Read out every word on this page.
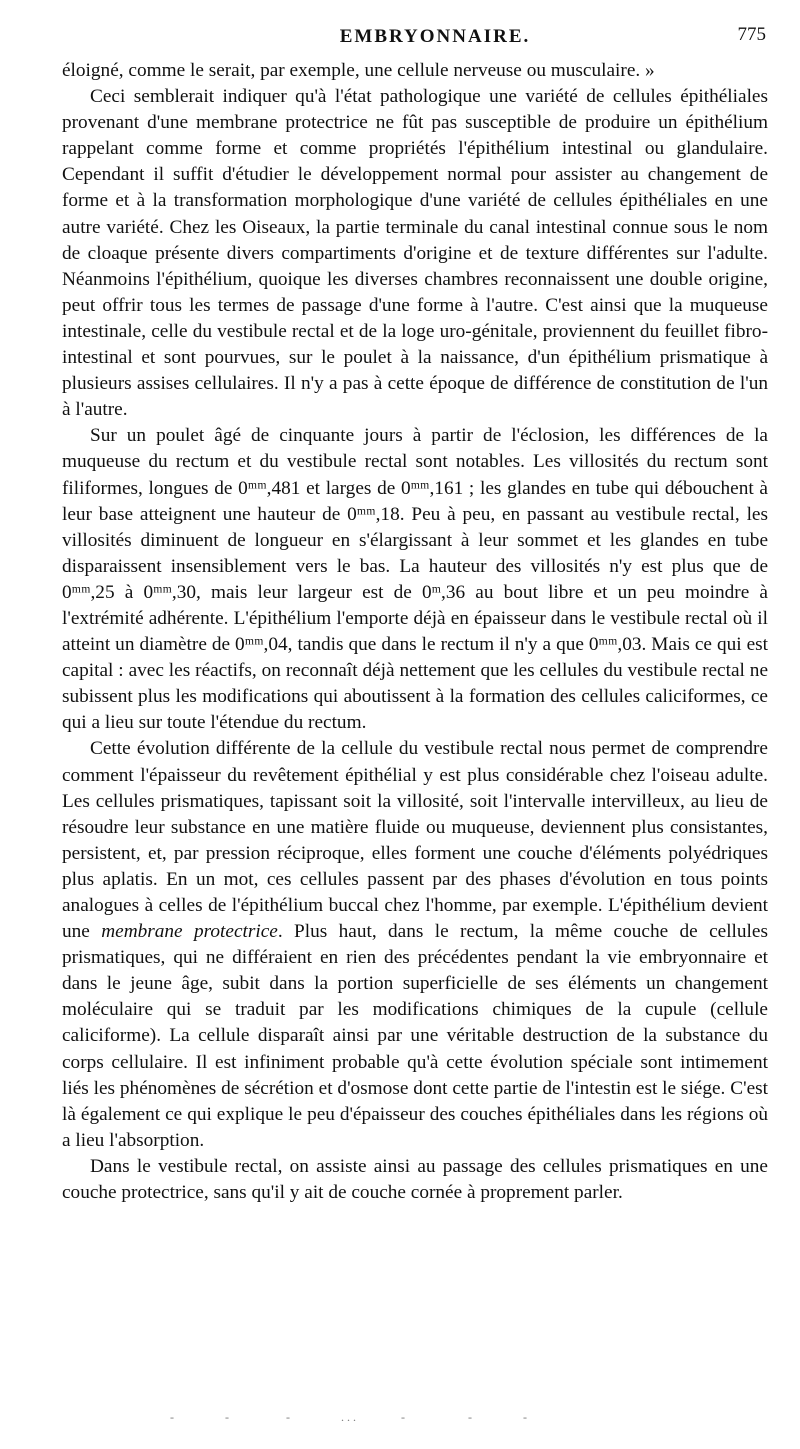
EMBRYONNAIRE.	775

éloigné, comme le serait, par exemple, une cellule nerveuse ou musculaire. »

Ceci semblerait indiquer qu'à l'état pathologique une variété de cellules épithéliales provenant d'une membrane protectrice ne fût pas susceptible de produire un épithélium rappelant comme forme et comme propriétés l'épithélium intestinal ou glandulaire. Cependant il suffit d'étudier le développement normal pour assister au changement de forme et à la transformation morphologique d'une variété de cellules épithéliales en une autre variété. Chez les Oiseaux, la partie terminale du canal intestinal connue sous le nom de cloaque présente divers compartiments d'origine et de texture différentes sur l'adulte. Néanmoins l'épithélium, quoique les diverses chambres reconnaissent une double origine, peut offrir tous les termes de passage d'une forme à l'autre. C'est ainsi que la muqueuse intestinale, celle du vestibule rectal et de la loge uro-génitale, proviennent du feuillet fibro-intestinal et sont pourvues, sur le poulet à la naissance, d'un épithélium prismatique à plusieurs assises cellulaires. Il n'y a pas à cette époque de différence de constitution de l'un à l'autre.

Sur un poulet âgé de cinquante jours à partir de l'éclosion, les différences de la muqueuse du rectum et du vestibule rectal sont notables. Les villosités du rectum sont filiformes, longues de 0ᵐᵐ,481 et larges de 0ᵐᵐ,161 ; les glandes en tube qui débouchent à leur base atteignent une hauteur de 0ᵐᵐ,18. Peu à peu, en passant au vestibule rectal, les villosités diminuent de longueur en s'élargissant à leur sommet et les glandes en tube disparaissent insensiblement vers le bas. La hauteur des villosités n'y est plus que de 0ᵐᵐ,25 à 0ᵐᵐ,30, mais leur largeur est de 0ᵐ,36 au bout libre et un peu moindre à l'extrémité adhérente. L'épithélium l'emporte déjà en épaisseur dans le vestibule rectal où il atteint un diamètre de 0ᵐᵐ,04, tandis que dans le rectum il n'y a que 0ᵐᵐ,03. Mais ce qui est capital : avec les réactifs, on reconnaît déjà nettement que les cellules du vestibule rectal ne subissent plus les modifications qui aboutissent à la formation des cellules caliciformes, ce qui a lieu sur toute l'étendue du rectum.

Cette évolution différente de la cellule du vestibule rectal nous permet de comprendre comment l'épaisseur du revêtement épithélial y est plus considérable chez l'oiseau adulte. Les cellules prismatiques, tapissant soit la villosité, soit l'intervalle intervilleux, au lieu de résoudre leur substance en une matière fluide ou muqueuse, deviennent plus consistantes, persistent, et, par pression réciproque, elles forment une couche d'éléments polyédriques plus aplatis. En un mot, ces cellules passent par des phases d'évolution en tous points analogues à celles de l'épithélium buccal chez l'homme, par exemple. L'épithélium devient une membrane protectrice. Plus haut, dans le rectum, la même couche de cellules prismatiques, qui ne différaient en rien des précédentes pendant la vie embryonnaire et dans le jeune âge, subit dans la portion superficielle de ses éléments un changement moléculaire qui se traduit par les modifications chimiques de la cupule (cellule caliciforme). La cellule disparaît ainsi par une véritable destruction de la substance du corps cellulaire. Il est infiniment probable qu'à cette évolution spéciale sont intimement liés les phénomènes de sécrétion et d'osmose dont cette partie de l'intestin est le siége. C'est là également ce qui explique le peu d'épaisseur des couches épithéliales dans les régions où a lieu l'absorption.

Dans le vestibule rectal, on assiste ainsi au passage des cellules prismatiques en une couche protectrice, sans qu'il y ait de couche cornée à proprement parler.

-        -         -        ...       -          -        -
